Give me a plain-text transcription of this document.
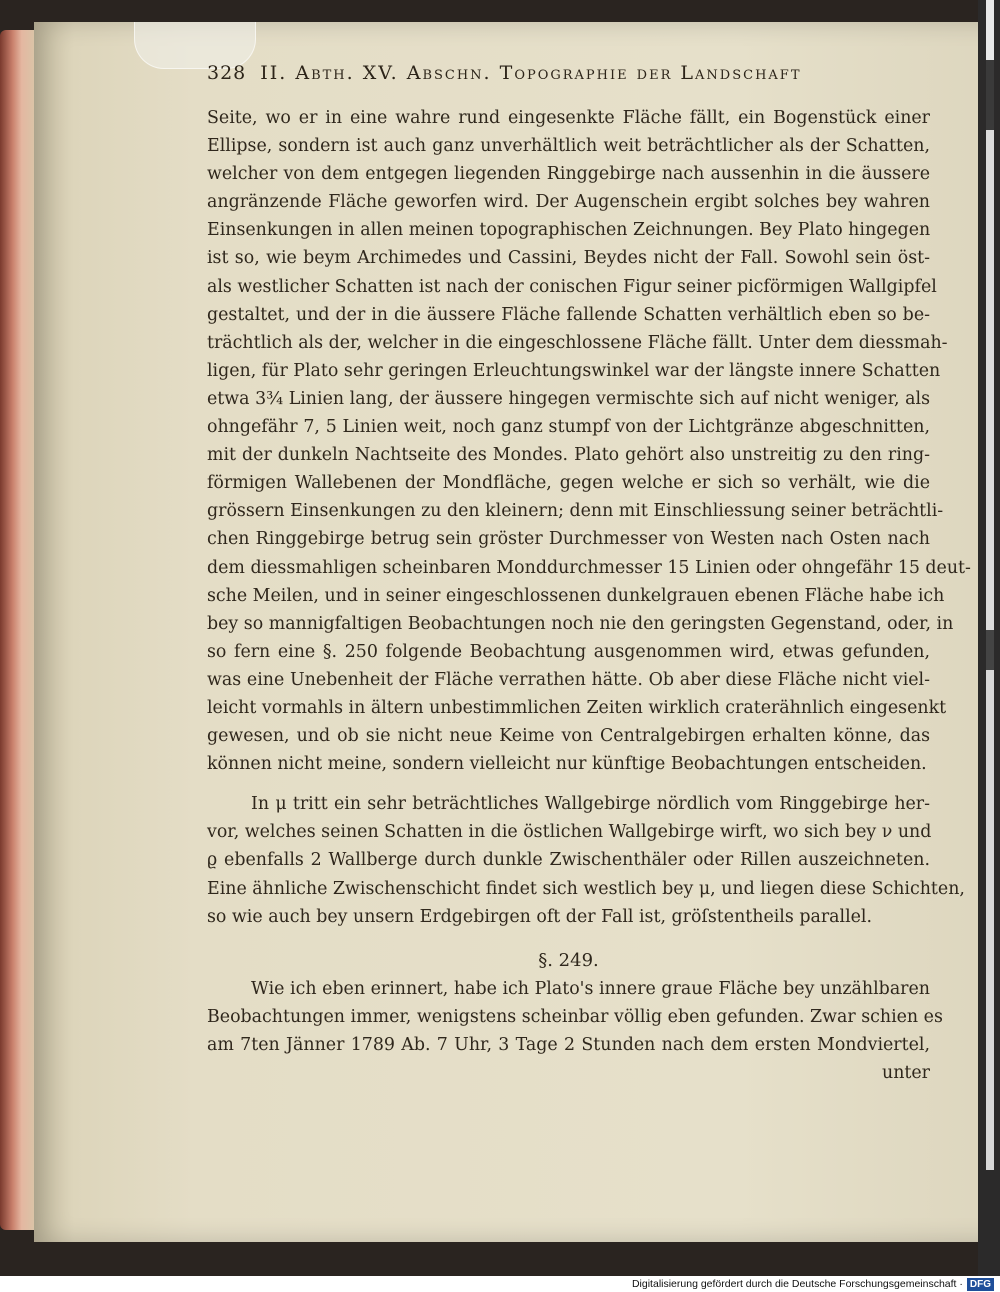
328 II. Abth. XV. Abschn. Topographie der Landschaft
Seite, wo er in eine wahre rund eingesenkte Fläche fällt, ein Bogenstück einer
Ellipse, sondern ist auch ganz unverhältlich weit beträchtlicher als der Schatten,
welcher von dem entgegen liegenden Ringgebirge nach aussenhin in die äussere
angränzende Fläche geworfen wird. Der Augenschein ergibt solches bey wahren
Einsenkungen in allen meinen topographischen Zeichnungen. Bey Plato hingegen
ist so, wie beym Archimedes und Cassini, Beydes nicht der Fall. Sowohl sein öst-
als westlicher Schatten ist nach der conischen Figur seiner picförmigen Wallgipfel
gestaltet, und der in die äussere Fläche fallende Schatten verhältlich eben so be-
trächtlich als der, welcher in die eingeschlossene Fläche fällt. Unter dem diessmah-
ligen, für Plato sehr geringen Erleuchtungswinkel war der längste innere Schatten
etwa 3¾ Linien lang, der äussere hingegen vermischte sich auf nicht weniger, als
ohngefähr 7, 5 Linien weit, noch ganz stumpf von der Lichtgränze abgeschnitten,
mit der dunkeln Nachtseite des Mondes. Plato gehört also unstreitig zu den ring-
förmigen Wallebenen der Mondfläche, gegen welche er sich so verhält, wie die
grössern Einsenkungen zu den kleinern; denn mit Einschliessung seiner beträchtli-
chen Ringgebirge betrug sein gröster Durchmesser von Westen nach Osten nach
dem diessmahligen scheinbaren Monddurchmesser 15 Linien oder ohngefähr 15 deut-
sche Meilen, und in seiner eingeschlossenen dunkelgrauen ebenen Fläche habe ich
bey so mannigfaltigen Beobachtungen noch nie den geringsten Gegenstand, oder, in
so fern eine §. 250 folgende Beobachtung ausgenommen wird, etwas gefunden,
was eine Unebenheit der Fläche verrathen hätte. Ob aber diese Fläche nicht viel-
leicht vormahls in ältern unbestimmlichen Zeiten wirklich craterähnlich eingesenkt
gewesen, und ob sie nicht neue Keime von Centralgebirgen erhalten könne, das
können nicht meine, sondern vielleicht nur künftige Beobachtungen entscheiden.
In μ tritt ein sehr beträchtliches Wallgebirge nördlich vom Ringgebirge her-
vor, welches seinen Schatten in die östlichen Wallgebirge wirft, wo sich bey ν und
ϱ ebenfalls 2 Wallberge durch dunkle Zwischenthäler oder Rillen auszeichneten.
Eine ähnliche Zwischenschicht findet sich westlich bey μ, und liegen diese Schichten,
so wie auch bey unsern Erdgebirgen oft der Fall ist, gröſstentheils parallel.
§. 249.
Wie ich eben erinnert, habe ich Plato's innere graue Fläche bey unzählbaren
Beobachtungen immer, wenigstens scheinbar völlig eben gefunden. Zwar schien es
am 7ten Jänner 1789 Ab. 7 Uhr, 3 Tage 2 Stunden nach dem ersten Mondviertel,
unter
Digitalisierung gefördert durch die Deutsche Forschungsgemeinschaft · DFG
